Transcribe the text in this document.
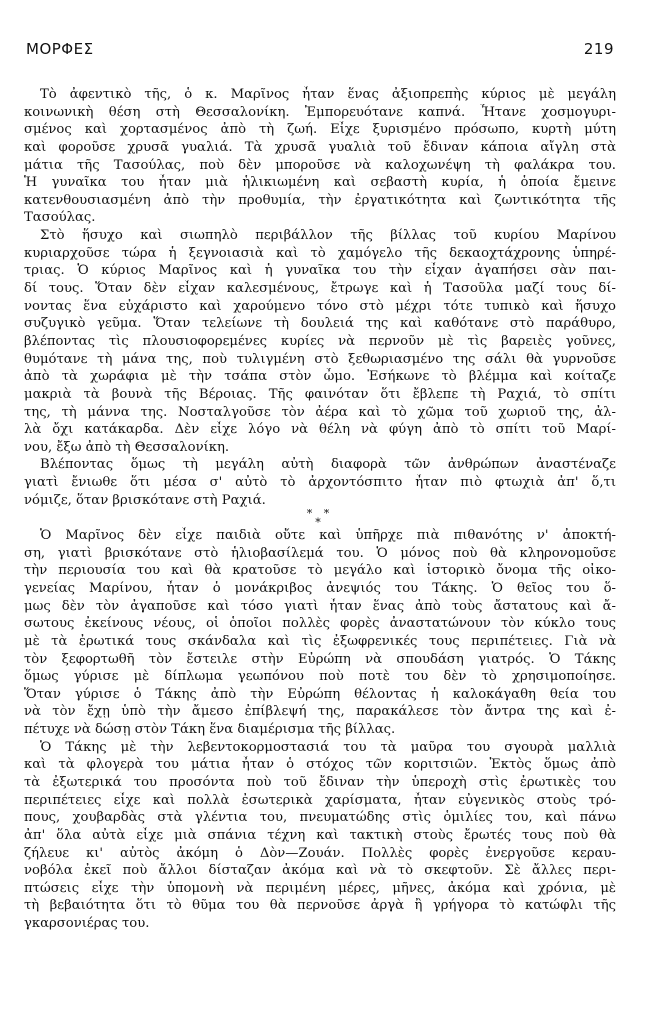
ΜΟΡΦΕΣ	219
Τὸ ἀφεντικὸ τῆς, ὁ κ. Μαρῖνος ἦταν ἕνας ἀξιοπρεπὴς κύριος μὲ μεγάλη
κοινωνικὴ θέση στὴ Θεσσαλονίκη. Ἐμπορευότανε καπνά. Ἦτανε χοσμογυρι-
σμένος καὶ χορτασμένος ἀπὸ τὴ ζωή. Εἶχε ξυρισμένο πρόσωπο, κυρτὴ μύτη
καὶ φοροῦσε χρυσᾶ γυαλιά. Τὰ χρυσᾶ γυαλιὰ τοῦ ἔδιναν κάποια αἴγλη στὰ
μάτια τῆς Τασούλας, ποὺ δὲν μποροῦσε νὰ καλοχωνέψη τὴ φαλάκρα του.
Ἡ γυναῖκα του ἦταν μιὰ ἡλικιωμένη καὶ σεβαστὴ κυρία, ἡ ὁποία ἔμεινε
κατενθουσιασμένη ἀπὸ τὴν προθυμία, τὴν ἐργατικότητα καὶ ζωντικότητα τῆς
Τασούλας.
Στὸ ἥσυχο καὶ σιωπηλὸ περιβάλλον τῆς βίλλας τοῦ κυρίου Μαρίνου
κυριαρχοῦσε τώρα ἡ ξεγνοιασιὰ καὶ τὸ χαμόγελο τῆς δεκαοχτάχρονης ὑπηρέ-
τριας. Ὁ κύριος Μαρῖνος καὶ ἡ γυναῖκα του τὴν εἶχαν ἀγαπήσει σὰν παι-
δί τους. Ὅταν δὲν εἶχαν καλεσμένους, ἔτρωγε καὶ ἡ Τασοῦλα μαζί τους δί-
νοντας ἕνα εὐχάριστο καὶ χαρούμενο τόνο στὸ μέχρι τότε τυπικὸ καὶ ἥσυχο
συζυγικὸ γεῦμα. Ὅταν τελείωνε τὴ δουλειά της καὶ καθότανε στὸ παράθυρο,
βλέποντας τὶς πλουσιοφορεμένες κυρίες νὰ περνοῦν μὲ τὶς βαρειὲς γοῦνες,
θυμότανε τὴ μάνα της, ποὺ τυλιγμένη στὸ ξεθωριασμένο της σάλι θὰ γυρνοῦσε
ἀπὸ τὰ χωράφια μὲ τὴν τσάπα στὸν ὦμο. Ἐσήκωνε τὸ βλέμμα καὶ κοίταζε
μακριὰ τὰ βουνὰ τῆς Βέροιας. Τῆς φαινόταν ὅτι ἔβλεπε τὴ Ραχιά, τὸ σπίτι
της, τὴ μάννα της. Νοσταλγοῦσε τὸν ἀέρα καὶ τὸ χῶμα τοῦ χωριοῦ της, ἀλ-
λὰ ὄχι κατάκαρδα. Δὲν εἶχε λόγο νὰ θέλη νὰ φύγη ἀπὸ τὸ σπίτι τοῦ Μαρί-
νου, ἔξω ἀπὸ τὴ Θεσσαλονίκη.
Βλέποντας ὅμως τὴ μεγάλη αὐτὴ διαφορὰ τῶν ἀνθρώπων ἀναστέναζε
γιατὶ ἔνιωθε ὅτι μέσα σ' αὐτὸ τὸ ἀρχοντόσπιτο ἦταν πιὸ φτωχιὰ ἀπ' ὅ,τι
νόμιζε, ὅταν βρισκότανε στὴ Ραχιά.
* *
*
Ὁ Μαρῖνος δὲν εἶχε παιδιὰ οὔτε καὶ ὑπῆρχε πιὰ πιθανότης ν' ἀποκτή-
ση, γιατὶ βρισκότανε στὸ ἡλιοβασίλεμά του. Ὁ μόνος ποὺ θὰ κληρονομοῦσε
τὴν περιουσία του καὶ θὰ κρατοῦσε τὸ μεγάλο καὶ ἱστορικὸ ὄνομα τῆς οἰκο-
γενείας Μαρίνου, ἦταν ὁ μονάκριβος ἀνεψιός του Τάκης. Ὁ θεῖος του ὅ-
μως δὲν τὸν ἀγαποῦσε καὶ τόσο γιατὶ ἦταν ἕνας ἀπὸ τοὺς ἄστατους καὶ ἄ-
σωτους ἐκείνους νέους, οἱ ὁποῖοι πολλὲς φορὲς ἀναστατώνουν τὸν κύκλο τους
μὲ τὰ ἐρωτικά τους σκάνδαλα καὶ τὶς ἐξωφρενικές τους περιπέτειες. Γιὰ νὰ
τὸν ξεφορτωθῆ τὸν ἔστειλε στὴν Εὐρώπη νὰ σπουδάση γιατρός. Ὁ Τάκης
ὅμως γύρισε μὲ δίπλωμα γεωπόνου ποὺ ποτὲ του δὲν τὸ χρησιμοποίησε.
Ὅταν γύρισε ὁ Τάκης ἀπὸ τὴν Εὐρώπη θέλοντας ἡ καλοκάγαθη θεία του
νὰ τὸν ἔχῃ ὑπὸ τὴν ἄμεσο ἐπίβλεψή της, παρακάλεσε τὸν ἄντρα της καὶ ἐ-
πέτυχε νὰ δώσῃ στὸν Τάκη ἕνα διαμέρισμα τῆς βίλλας.
Ὁ Τάκης μὲ τὴν λεβεντοκορμοστασιά του τὰ μαῦρα του σγουρὰ μαλλιὰ
καὶ τὰ φλογερὰ του μάτια ἦταν ὁ στόχος τῶν κοριτσιῶν. Ἐκτὸς ὅμως ἀπὸ
τὰ ἐξωτερικά του προσόντα ποὺ τοῦ ἔδιναν τὴν ὑπεροχὴ στὶς ἐρωτικὲς του
περιπέτειες εἶχε καὶ πολλὰ ἐσωτερικὰ χαρίσματα, ἦταν εὐγενικὸς στοὺς τρό-
πους, χουβαρδὰς στὰ γλέντια του, πνευματώδης στὶς ὁμιλίες του, καὶ πάνω
ἀπ' ὅλα αὐτὰ εἶχε μιὰ σπάνια τέχνη καὶ τακτικὴ στοὺς ἔρωτές τους ποὺ θὰ
ζήλευε κι' αὐτὸς ἀκόμη ὁ Δὸν—Ζουάν. Πολλὲς φορὲς ἐνεργοῦσε κεραυ-
νοβόλα ἐκεῖ ποὺ ἄλλοι δίσταζαν ἀκόμα καὶ νὰ τὸ σκεφτοῦν. Σὲ ἄλλες περι-
πτώσεις εἶχε τὴν ὑπομονὴ νὰ περιμένη μέρες, μῆνες, ἀκόμα καὶ χρόνια, μὲ
τὴ βεβαιότητα ὅτι τὸ θῦμα του θὰ περνοῦσε ἀργὰ ἢ γρήγορα τὸ κατώφλι τῆς
γκαρσονιέρας του.
